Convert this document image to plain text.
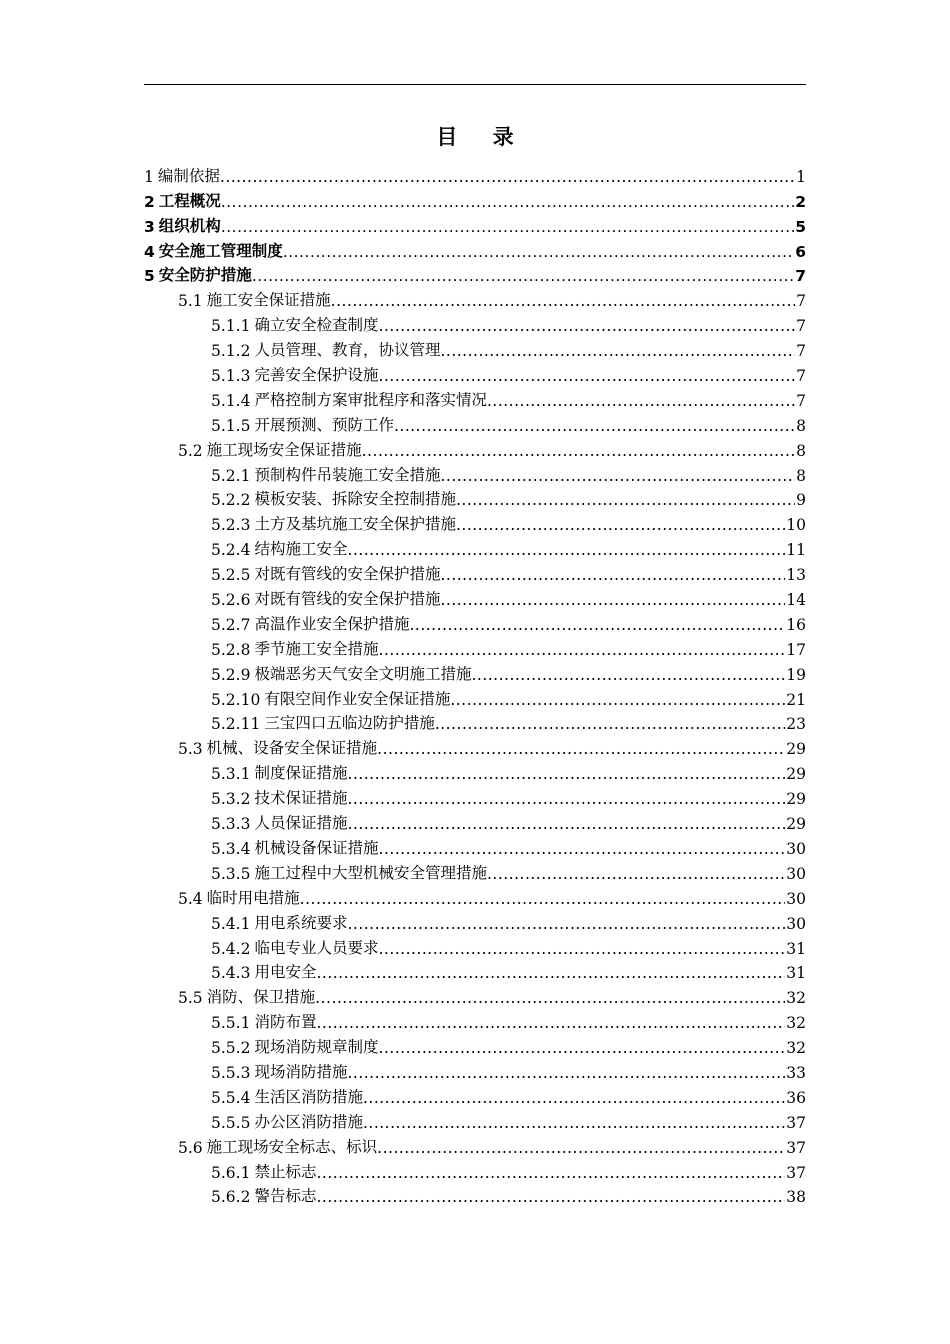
目 录
1 编制依据 .....	1
2 工程概况 .....	2
3 组织机构 .....	5
4 安全施工管理制度 .....	6
5 安全防护措施 .....	7
5.1 施工安全保证措施 .....	7
5.1.1 确立安全检查制度 .....	7
5.1.2 人员管理、教育，协议管理 .....	7
5.1.3 完善安全保护设施 .....	7
5.1.4 严格控制方案审批程序和落实情况 .....	7
5.1.5 开展预测、预防工作 .....	8
5.2 施工现场安全保证措施 .....	8
5.2.1 预制构件吊装施工安全措施 .....	8
5.2.2 模板安装、拆除安全控制措施 .....	9
5.2.3 土方及基坑施工安全保护措施 .....	10
5.2.4 结构施工安全 .....	11
5.2.5 对既有管线的安全保护措施 .....	13
5.2.6 对既有管线的安全保护措施 .....	14
5.2.7 高温作业安全保护措施 .....	16
5.2.8 季节施工安全措施 .....	17
5.2.9 极端恶劣天气安全文明施工措施 .....	19
5.2.10 有限空间作业安全保证措施 .....	21
5.2.11 三宝四口五临边防护措施 .....	23
5.3 机械、设备安全保证措施 .....	29
5.3.1 制度保证措施 .....	29
5.3.2 技术保证措施 .....	29
5.3.3 人员保证措施 .....	29
5.3.4 机械设备保证措施 .....	30
5.3.5 施工过程中大型机械安全管理措施 .....	30
5.4 临时用电措施 .....	30
5.4.1 用电系统要求 .....	30
5.4.2 临电专业人员要求 .....	31
5.4.3 用电安全 .....	31
5.5 消防、保卫措施 .....	32
5.5.1 消防布置 .....	32
5.5.2 现场消防规章制度 .....	32
5.5.3 现场消防措施 .....	33
5.5.4 生活区消防措施 .....	36
5.5.5 办公区消防措施 .....	37
5.6 施工现场安全标志、标识 .....	37
5.6.1 禁止标志 .....	37
5.6.2 警告标志 .....	38
